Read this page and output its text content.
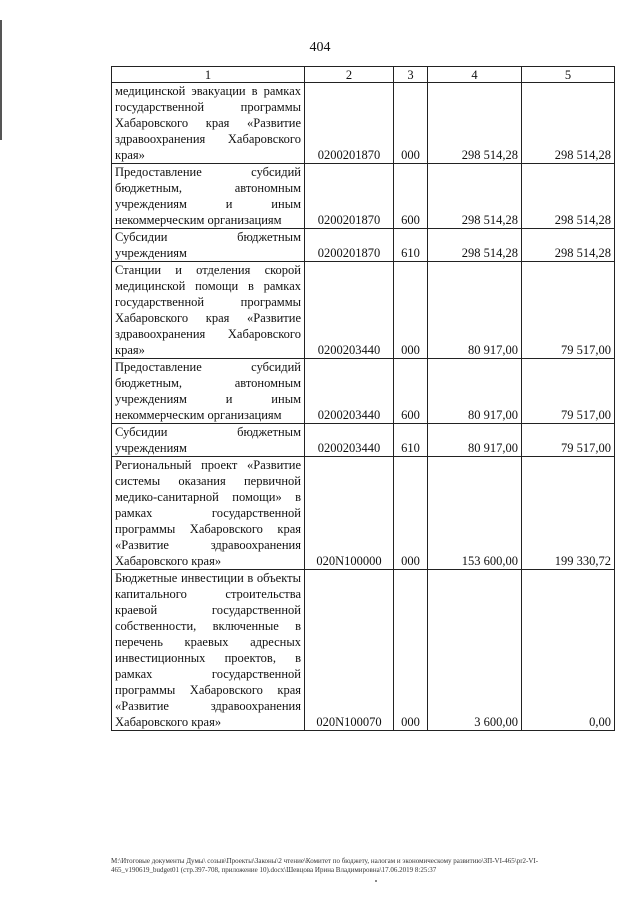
404
1	2	3	4	5
медицинской эвакуации в рамках государственной программы Хабаровского края «Развитие здравоохранения Хабаровского края»	0200201870	000	298 514,28	298 514,28
Предоставление субсидий бюджетным, автономным учреждениям и иным некоммерческим организациям	0200201870	600	298 514,28	298 514,28
Субсидии бюджетным учреждениям	0200201870	610	298 514,28	298 514,28
Станции и отделения скорой медицинской помощи в рамках государственной программы Хабаровского края «Развитие здравоохранения Хабаровского края»	0200203440	000	80 917,00	79 517,00
Предоставление субсидий бюджетным, автономным учреждениям и иным некоммерческим организациям	0200203440	600	80 917,00	79 517,00
Субсидии бюджетным учреждениям	0200203440	610	80 917,00	79 517,00
Региональный проект «Развитие системы оказания первичной медико-санитарной помощи» в рамках государственной программы Хабаровского края «Развитие здравоохранения Хабаровского края»	020N100000	000	153 600,00	199 330,72
Бюджетные инвестиции в объекты капитального строительства краевой государственной собственности, включенные в перечень краевых адресных инвестиционных проектов, в рамках государственной программы Хабаровского края «Развитие здравоохранения Хабаровского края»	020N100070	000	3 600,00	0,00
M:\Итоговые документы Думы\ созыв\Проекты\Законы\2 чтение\Комитет по бюджету, налогам и экономическому развитию\ЗП-VI-465\pr2-VI-
465_v190619_budget01 (стр.397-708, приложение 10).docx\Шевцова Ирина Владимировна\17.06.2019 8:25:37
